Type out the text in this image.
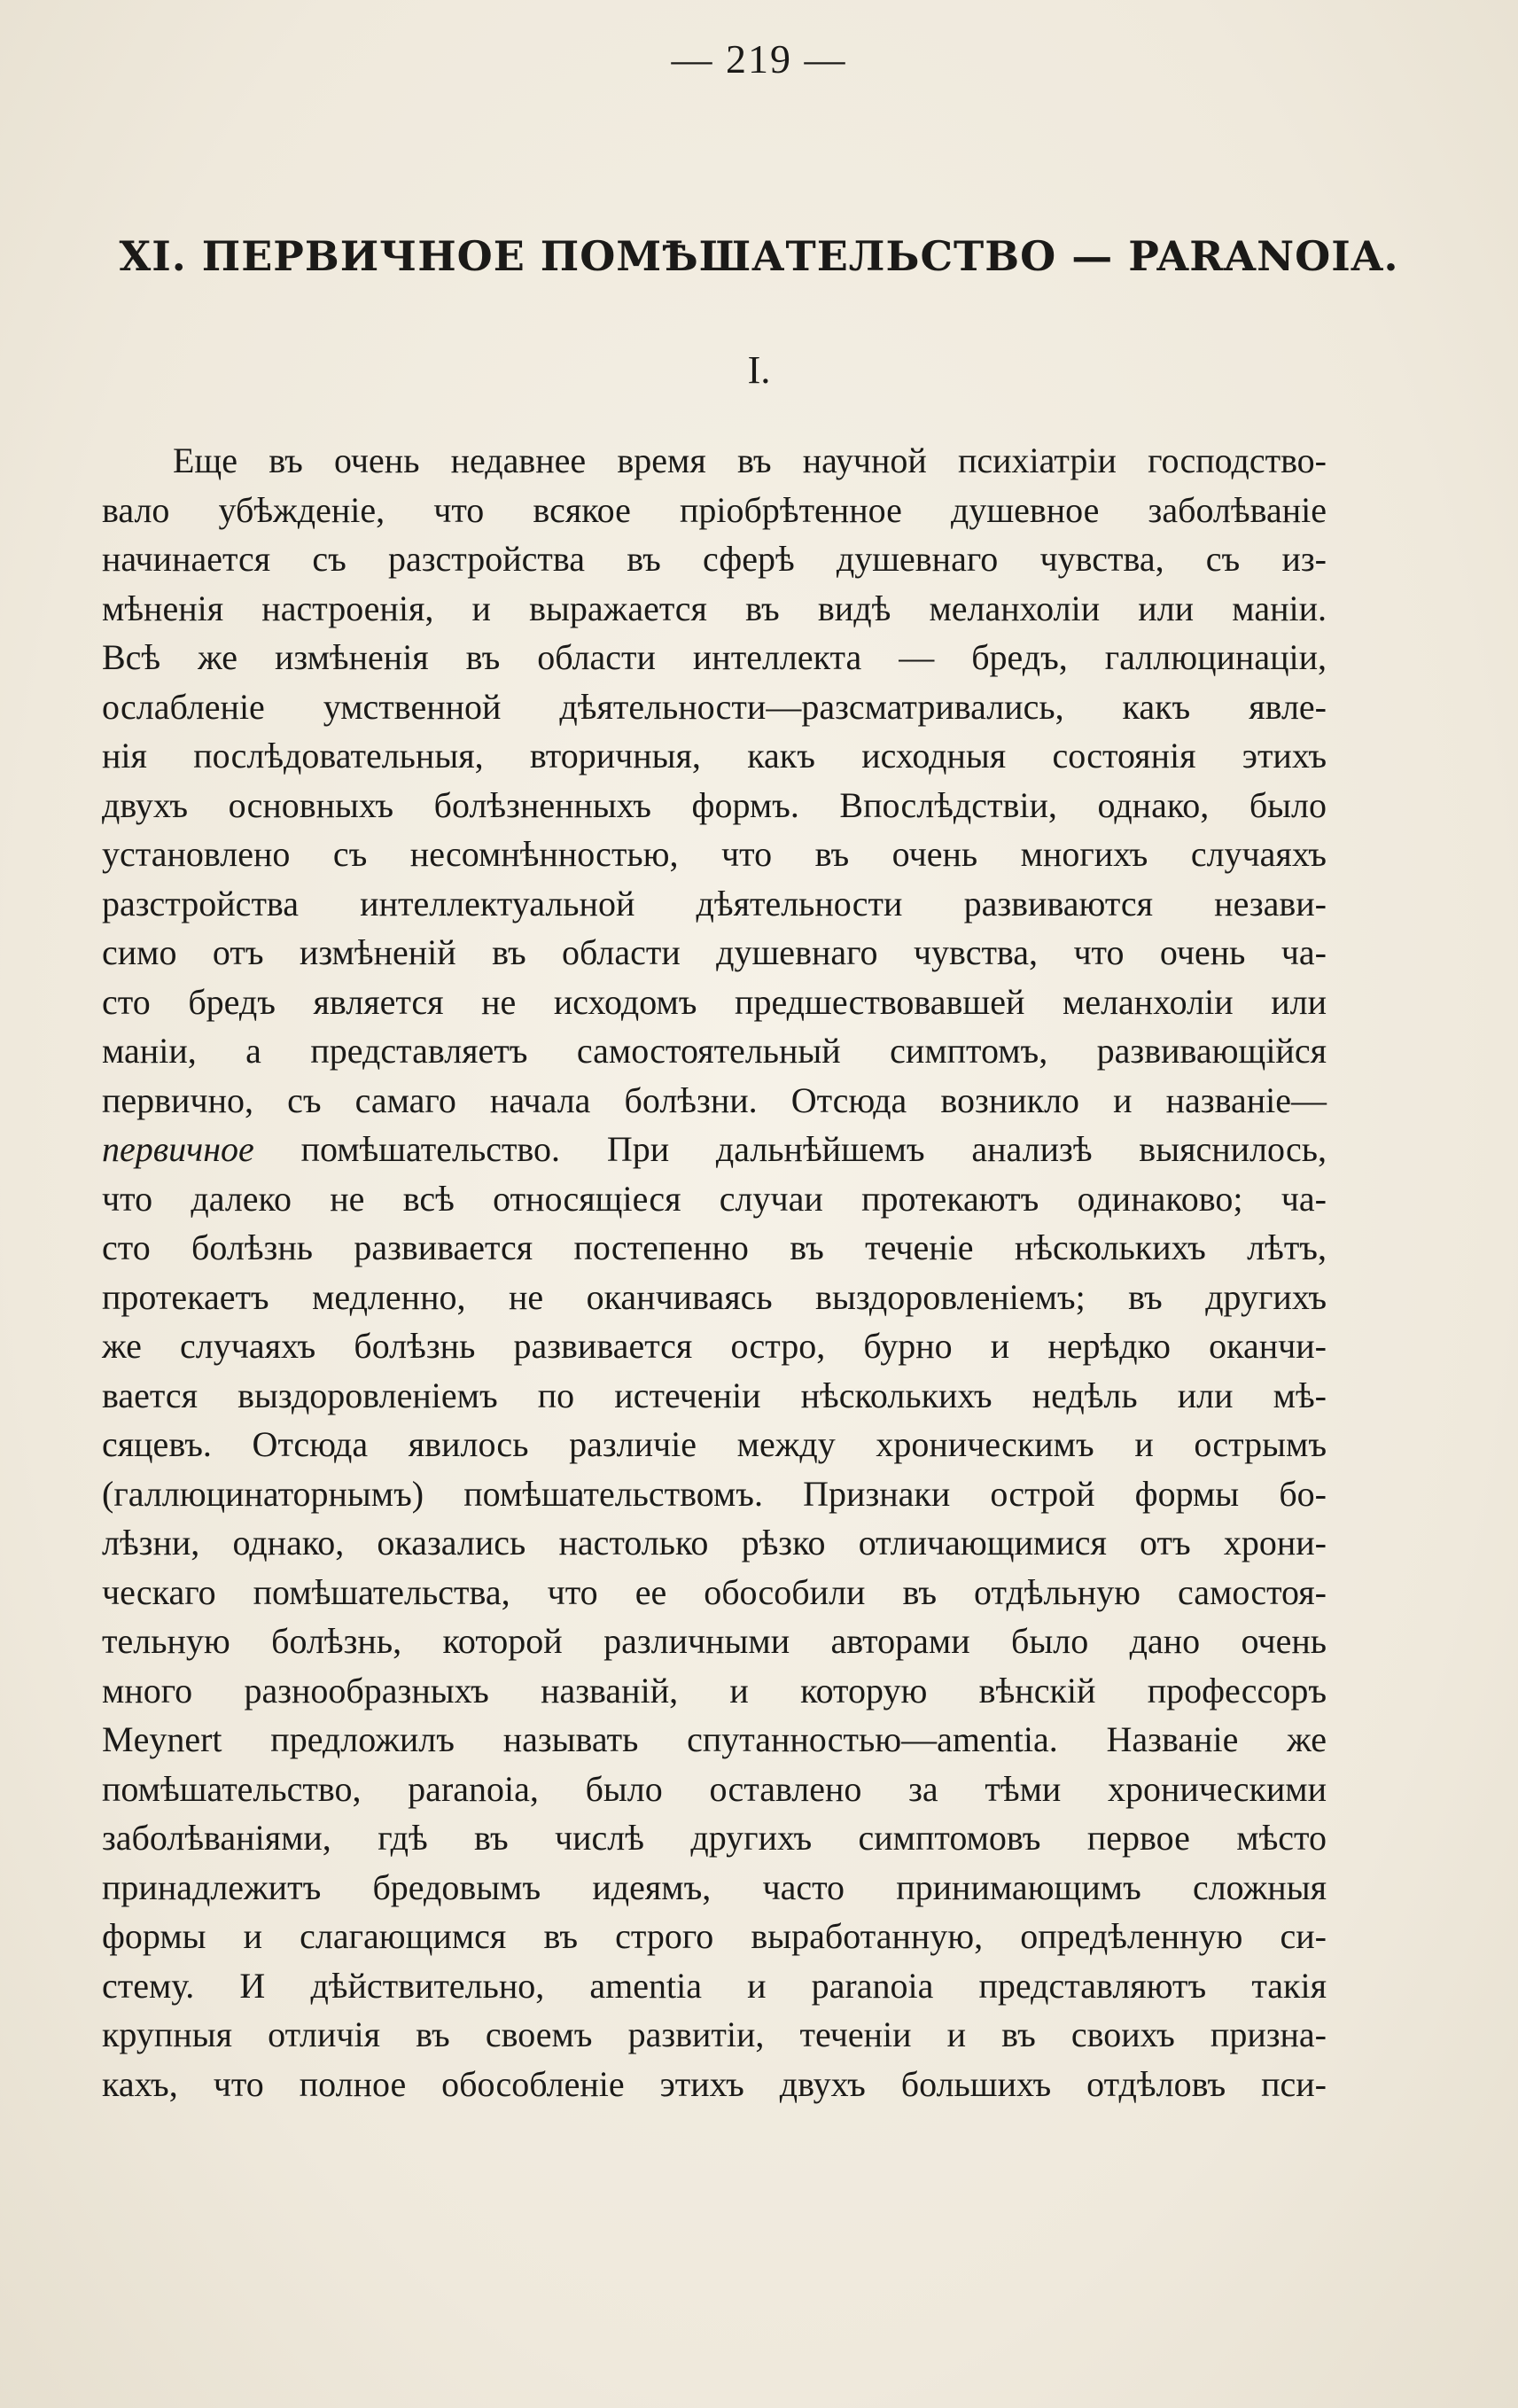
— 219 —
XI. ПЕРВИЧНОЕ ПОМѢШАТЕЛЬСТВО — PARANOIA.
I.
Еще въ очень недавнее время въ научной психіатріи господство-
вало убѣжденіе, что всякое пріобрѣтенное душевное заболѣваніе
начинается съ разстройства въ сферѣ душевнаго чувства, съ из-
мѣненія настроенія, и выражается въ видѣ меланхоліи или маніи.
Всѣ же измѣненія въ области интеллекта — бредъ, галлюцинаціи,
ослабленіе умственной дѣятельности—разсматривались, какъ явле-
нія послѣдовательныя, вторичныя, какъ исходныя состоянія этихъ
двухъ основныхъ болѣзненныхъ формъ. Впослѣдствіи, однако, было
установлено съ несомнѣнностью, что въ очень многихъ случаяхъ
разстройства интеллектуальной дѣятельности развиваются незави-
симо отъ измѣненій въ области душевнаго чувства, что очень ча-
сто бредъ является не исходомъ предшествовавшей меланхоліи или
маніи, а представляетъ самостоятельный симптомъ, развивающійся
первично, съ самаго начала болѣзни. Отсюда возникло и названіе—
первичное помѣшательство. При дальнѣйшемъ анализѣ выяснилось,
что далеко не всѣ относящіеся случаи протекаютъ одинаково; ча-
сто болѣзнь развивается постепенно въ теченіе нѣсколькихъ лѣтъ,
протекаетъ медленно, не оканчиваясь выздоровленіемъ; въ другихъ
же случаяхъ болѣзнь развивается остро, бурно и нерѣдко оканчи-
вается выздоровленіемъ по истеченіи нѣсколькихъ недѣль или мѣ-
сяцевъ. Отсюда явилось различіе между хроническимъ и острымъ
(галлюцинаторнымъ) помѣшательствомъ. Признаки острой формы бо-
лѣзни, однако, оказались настолько рѣзко отличающимися отъ хрони-
ческаго помѣшательства, что ее обособили въ отдѣльную самостоя-
тельную болѣзнь, которой различными авторами было дано очень
много разнообразныхъ названій, и которую вѣнскій профессоръ
Meynert предложилъ называть спутанностью—amentia. Названіе же
помѣшательство, paranoia, было оставлено за тѣми хроническими
заболѣваніями, гдѣ въ числѣ другихъ симптомовъ первое мѣсто
принадлежитъ бредовымъ идеямъ, часто принимающимъ сложныя
формы и слагающимся въ строго выработанную, опредѣленную си-
стему. И дѣйствительно, amentia и paranoia представляютъ такія
крупныя отличія въ своемъ развитіи, теченіи и въ своихъ призна-
кахъ, что полное обособленіе этихъ двухъ большихъ отдѣловъ пси-
